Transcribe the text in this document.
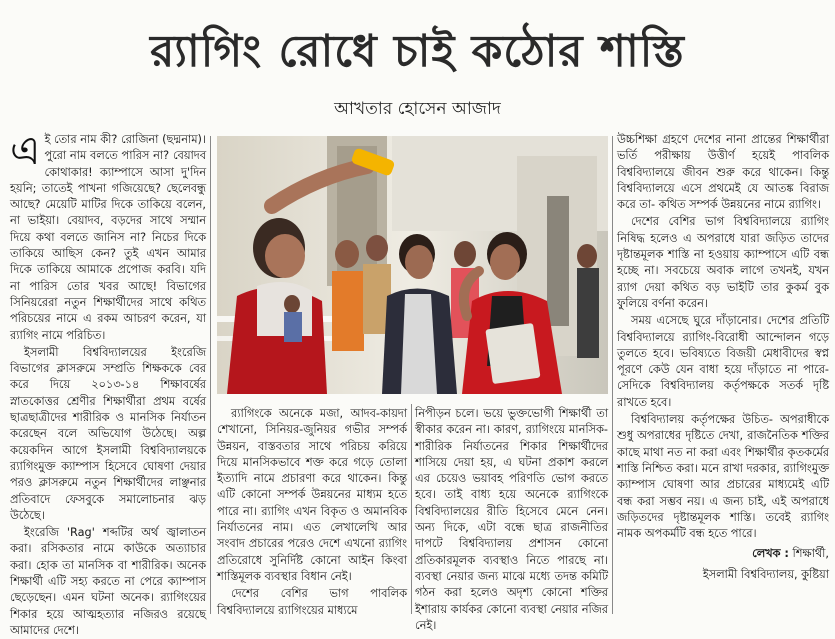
র‍্যাগিং রোধে চাই কঠোর শাস্তি
আখতার হোসেন আজাদ

এই তোর নাম কী? রোজিনা (ছদ্মনাম)। পুরো নাম বলতে পারিস না? বেয়াদব কোথাকার! ক্যাম্পাসে আসা দু'দিন হয়নি; তাতেই পাখনা গজিয়েছে? ছেলেবন্ধু আছে? মেয়েটি মাটির দিকে তাকিয়ে বলেন, না ভাইয়া। বেয়াদব, বড়দের সাথে সম্মান দিয়ে কথা বলতে জানিস না? নিচের দিকে তাকিয়ে আছিস কেন? তুই এখন আমার দিকে তাকিয়ে আমাকে প্রপোজ করবি। যদি না পারিস তোর খবর আছে! বিভাগের সিনিয়রেরা নতুন শিক্ষার্থীদের সাথে কথিত পরিচয়ের নামে এ রকম আচরণ করেন, যা র‍্যাগিং নামে পরিচিত।

ইসলামী বিশ্ববিদ্যালয়ের ইংরেজি বিভাগের ক্লাসরুমে সম্প্রতি শিক্ষককে বের করে দিয়ে ২০১৩-১৪ শিক্ষাবর্ষের স্নাতকোত্তর শ্রেণীর শিক্ষার্থীরা প্রথম বর্ষের ছাত্রছাত্রীদের শারীরিক ও মানসিক নির্যাতন করেছেন বলে অভিযোগ উঠেছে। অল্প কয়েকদিন আগে ইসলামী বিশ্ববিদ্যালয়কে র‍্যাগিংমুক্ত ক্যাম্পাস হিসেবে ঘোষণা দেয়ার পরও ক্লাসরুমে নতুন শিক্ষার্থীদের লাঞ্ছনার প্রতিবাদে ফেসবুকে সমালোচনার ঝড় উঠেছে।

ইংরেজি 'Rag' শব্দটির অর্থ জ্বালাতন করা। রসিকতার নামে কাউকে অত্যাচার করা। হোক তা মানসিক বা শারীরিক। অনেক শিক্ষার্থী এটি সহ্য করতে না পেরে ক্যাম্পাস ছেড়েছেন। এমন ঘটনা অনেক। র‍্যাগিংয়ের শিকার হয়ে আত্মহত্যার নজিরও রয়েছে আমাদের দেশে।

র‍্যাগিংকে অনেকে মজা, আদব-কায়দা শেখানো, সিনিয়র-জুনিয়র গভীর সম্পর্ক উন্নয়ন, বাস্তবতার সাথে পরিচয় করিয়ে দিয়ে মানসিকভাবে শক্ত করে গড়ে তোলা ইত্যাদি নামে প্রচারণা করে থাকেন। কিন্তু এটি কোনো সম্পর্ক উন্নয়নের মাধ্যম হতে পারে না। র‍্যাগিং এখন বিকৃত ও অমানবিক নির্যাতনের নাম। এত লেখালেখি আর সংবাদ প্রচারের পরেও দেশে এখনো র‍্যাগিং প্রতিরোধে সুনির্দিষ্ট কোনো আইন কিংবা শাস্তিমূলক ব্যবস্থার বিধান নেই।

দেশের বেশির ভাগ পাবলিক বিশ্ববিদ্যালয়ে র‍্যাগিংয়ের মাধ্যমে

নিপীড়ন চলে। ভয়ে ভুক্তভোগী শিক্ষার্থী তা স্বীকার করেন না। কারণ, র‍্যাগিংয়ে মানসিক-শারীরিক নির্যাতনের শিকার শিক্ষার্থীদের শাসিয়ে দেয়া হয়, এ ঘটনা প্রকাশ করলে এর চেয়েও ভয়াবহ পরিণতি ভোগ করতে হবে। তাই বাধ্য হয়ে অনেকে র‍্যাগিংকে বিশ্ববিদ্যালয়ের রীতি হিসেবে মেনে নেন। অন্য দিকে, এটা বন্ধে ছাত্র রাজনীতির দাপটে বিশ্ববিদ্যালয় প্রশাসন কোনো প্রতিকারমূলক ব্যবস্থাও নিতে পারছে না। ব্যবস্থা নেয়ার জন্য মাঝে মধ্যে তদন্ত কমিটি গঠন করা হলেও অদৃশ্য কোনো শক্তির ইশারায় কার্যকর কোনো ব্যবস্থা নেয়ার নজির নেই।

উচ্চশিক্ষা গ্রহণে দেশের নানা প্রান্তের শিক্ষার্থীরা ভর্তি পরীক্ষায় উত্তীর্ণ হয়েই পাবলিক বিশ্ববিদ্যালয়ে জীবন শুরু করে থাকেন। কিন্তু বিশ্ববিদ্যালয়ে এসে প্রথমেই যে আতঙ্ক বিরাজ করে তা- কথিত সম্পর্ক উন্নয়নের নামে র‍্যাগিং।

দেশের বেশির ভাগ বিশ্ববিদ্যালয়ে র‍্যাগিং নিষিদ্ধ হলেও এ অপরাধে যারা জড়িত তাদের দৃষ্টান্তমূলক শাস্তি না হওয়ায় ক্যাম্পাসে এটি বন্ধ হচ্ছে না। সবচেয়ে অবাক লাগে তখনই, যখন র‍্যাগ দেয়া কথিত বড় ভাইটি তার কুকর্ম বুক ফুলিয়ে বর্ণনা করেন।

সময় এসেছে ঘুরে দাঁড়ানোর। দেশের প্রতিটি বিশ্ববিদ্যালয়ে র‍্যাগিং-বিরোধী আন্দোলন গড়ে তুলতে হবে। ভবিষ্যতে বিজয়ী মেধাবীদের স্বপ্ন পূরণে কেউ যেন বাধা হয়ে দাঁড়াতে না পারে- সেদিকে বিশ্ববিদ্যালয় কর্তৃপক্ষকে সতর্ক দৃষ্টি রাখতে হবে।

বিশ্ববিদ্যালয় কর্তৃপক্ষের উচিত- অপরাধীকে শুধু অপরাধের দৃষ্টিতে দেখা, রাজনৈতিক শক্তির কাছে মাথা নত না করা এবং শিক্ষার্থীর কৃতকর্মের শাস্তি নিশ্চিত করা। মনে রাখা দরকার, র‍্যাগিংমুক্ত ক্যাম্পাস ঘোষণা আর প্রচারের মাধ্যমেই এটি বন্ধ করা সম্ভব নয়। এ জন্য চাই, এই অপরাধে জড়িতদের দৃষ্টান্তমূলক শাস্তি। তবেই র‍্যাগিং নামক অপকর্মটি বন্ধ হতে পারে।

লেখক : শিক্ষার্থী,
ইসলামী বিশ্ববিদ্যালয়, কুষ্টিয়া
